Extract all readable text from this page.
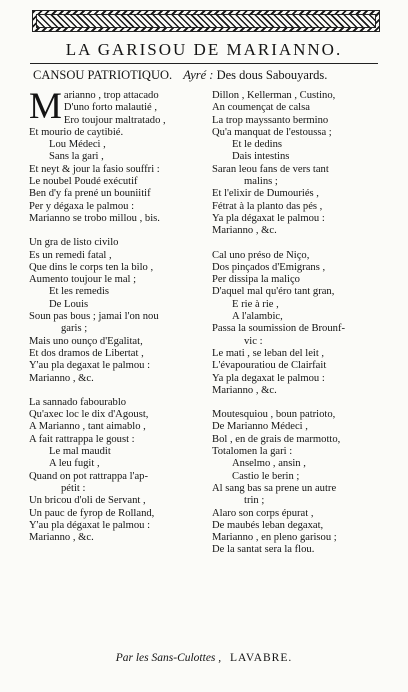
LA GARISOU DE MARIANNO.
CANSOU PATRIOTIQUO. Ayré : Des dous Sabouyards.
M arianno , trop attacado
D'uno forto malautié ,
Ero toujour maltratado ,
Et mourio de caytibié.
Lou Médeci ,
Sans la gari ,
Et neyt & jour la fasio souffri :
Le noubel Poudé exécutif
Ben d'y fa prené un bouniitif
Per y dégaxa le palmou :
Marianno se trobo millou , bis.
Un gra de listo civilo
Es un remedi fatal ,
Que dins le corps ten la bilo ,
Aumento toujour le mal ;
Et les remedis
De Louis
Soun pas bous ; jamai l'on nou
garis ;
Mais uno ounço d'Egalitat,
Et dos dramos de Libertat ,
Y'au pla degaxat le palmou :
Marianno , &c.
La sannado fabourablo
Qu'axec loc le dix d'Agoust,
A Marianno , tant aimablo ,
A fait rattrappa le goust :
Le mal maudit
A leu fugit ,
Quand on pot rattrappa l'ap-
pétit :
Un bricou d'oli de Servant ,
Un pauc de fyrop de Rolland,
Y'au pla dégaxat le palmou :
Marianno , &c.
Dillon , Kellerman , Custino,
An coumençat de calsa
La trop mayssanto bermino
Qu'a manquat de l'estoussa ;
Et le dedins
Dais intestins
Saran leou fans de vers tant
malins ;
Et l'elixir de Dumouriés ,
Fétrat à la planto das pés ,
Ya pla dégaxat le palmou :
Marianno , &c.
Cal uno préso de Niço,
Dos pinçados d'Emigrans ,
Per dissipa la maliço
D'aquel mal qu'éro tant gran,
E rie à rie ,
A l'alambic,
Passa la soumission de Brounf-
vic :
Le mati , se leban del leit ,
L'évapouratiou de Clairfait
Ya pla degaxat le palmou :
Marianno , &c.
Moutesquiou , boun patrioto,
De Marianno Médeci ,
Bol , en de grais de marmotto,
Totalomen la gari :
Anselmo , ansin ,
Castio le berin ;
Al sang bas sa prene un autre
trin ;
Alaro son corps épurat ,
De maubés leban degaxat,
Marianno , en pleno garisou ;
De la santat sera la flou.
Par les Sans-Culottes , LAVABRE.
